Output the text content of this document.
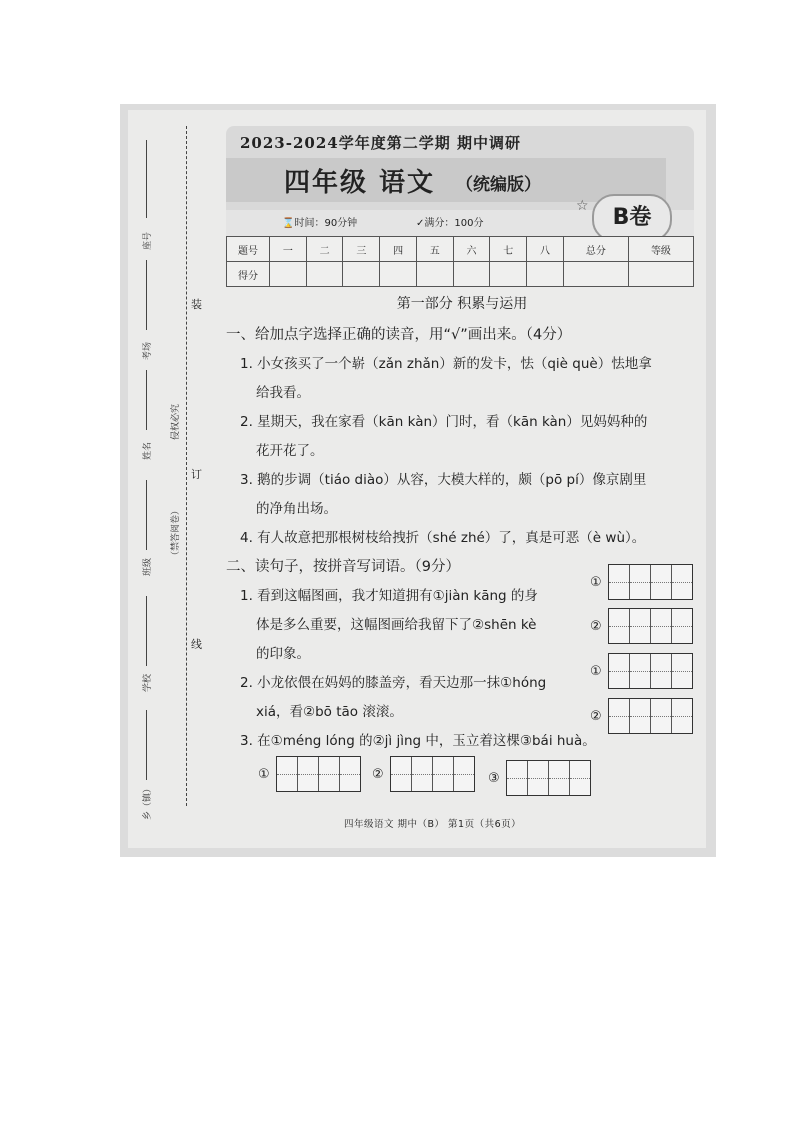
装
订
线
座号
考场
姓名
班级
学校
乡（镇）
侵权必究
（禁答阅卷）
2023-2024学年度第二学期 期中调研
四年级 语文 （统编版）
⌛时间：90分钟	✓满分：100分
☆	B卷
题号	一	二	三	四	五	六	七	八	总分	等级
得分										
第一部分 积累与运用
一、给加点字选择正确的读音，用“√”画出来。（4分）
1. 小女孩买了一个崭（zǎn zhǎn）新的发卡，怯（qiè què）怯地拿
给我看。
2. 星期天，我在家看（kān kàn）门时，看（kān kàn）见妈妈种的
花开花了。
3. 鹅的步调（tiáo diào）从容，大模大样的，颇（pō pí）像京剧里
的净角出场。
4. 有人故意把那根树枝给拽折（shé zhé）了，真是可恶（è wù）。
二、读句子，按拼音写词语。（9分）
1. 看到这幅图画，我才知道拥有①jiàn kāng 的身
体是多么重要，这幅图画给我留下了②shēn kè
的印象。
2. 小龙依偎在妈妈的膝盖旁，看天边那一抹①hóng
xiá，看②bō tāo 滚滚。
3. 在①méng lóng 的②jì jìng 中，玉立着这棵③bái huà。
①
②
①
②
①	②	③
四年级语文 期中（B） 第1页（共6页）
